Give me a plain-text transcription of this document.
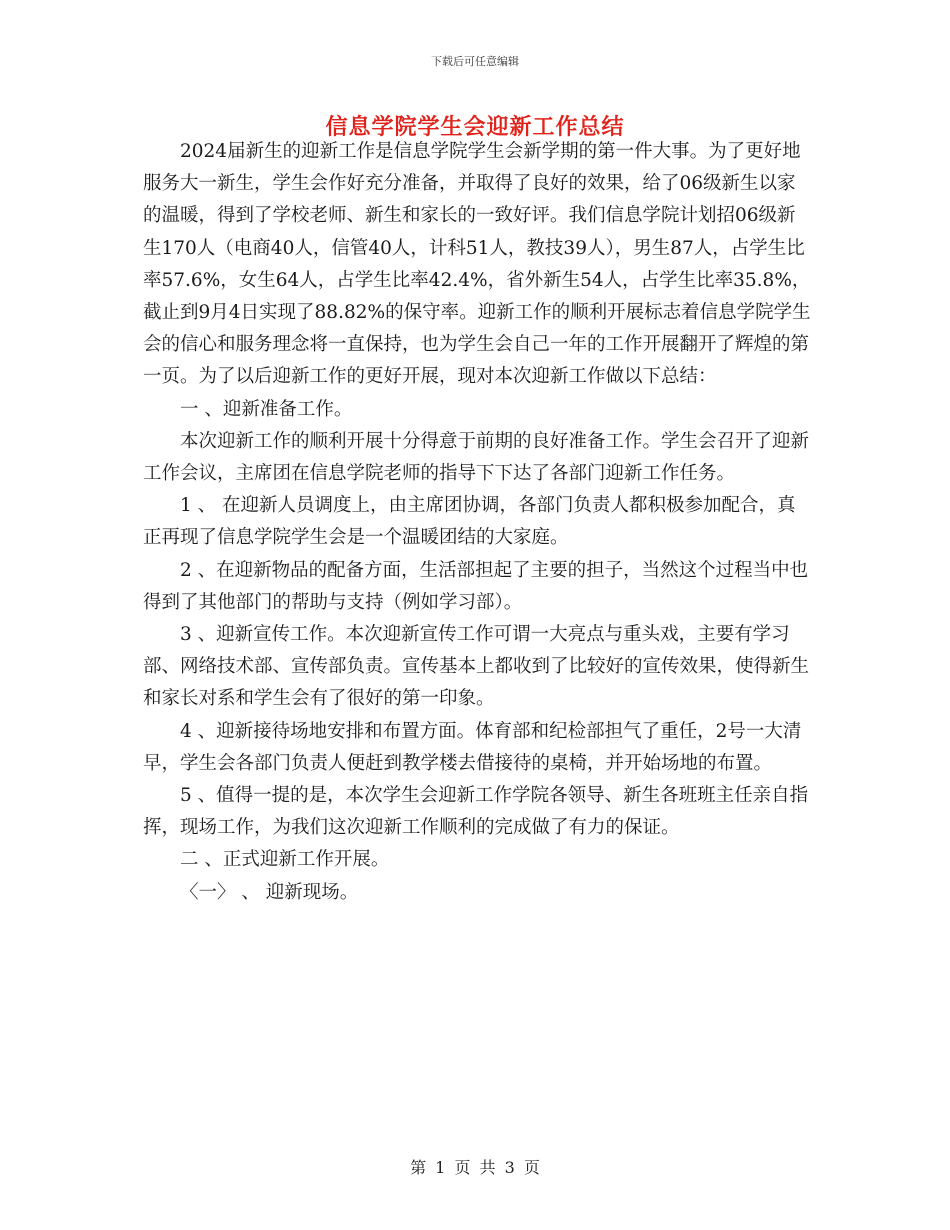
下载后可任意编辑
信息学院学生会迎新工作总结

2024届新生的迎新工作是信息学院学生会新学期的第一件大事。为了更好地服务大一新生，学生会作好充分准备，并取得了良好的效果，给了06级新生以家的温暖，得到了学校老师、新生和家长的一致好评。我们信息学院计划招06级新生170人（电商40人，信管40人，计科51人，教技39人），男生87人，占学生比率57.6%，女生64人，占学生比率42.4%，省外新生54人，占学生比率35.8%，截止到9月4日实现了88.82%的保守率。迎新工作的顺利开展标志着信息学院学生会的信心和服务理念将一直保持，也为学生会自己一年的工作开展翻开了辉煌的第一页。为了以后迎新工作的更好开展，现对本次迎新工作做以下总结：

一 、迎新准备工作。

本次迎新工作的顺利开展十分得意于前期的良好准备工作。学生会召开了迎新工作会议，主席团在信息学院老师的指导下下达了各部门迎新工作任务。

1 、 在迎新人员调度上，由主席团协调，各部门负责人都积极参加配合，真正再现了信息学院学生会是一个温暖团结的大家庭。

2 、在迎新物品的配备方面，生活部担起了主要的担子，当然这个过程当中也得到了其他部门的帮助与支持（例如学习部）。

3 、迎新宣传工作。本次迎新宣传工作可谓一大亮点与重头戏，主要有学习部、网络技术部、宣传部负责。宣传基本上都收到了比较好的宣传效果，使得新生和家长对系和学生会有了很好的第一印象。

4 、迎新接待场地安排和布置方面。体育部和纪检部担气了重任，2号一大清早，学生会各部门负责人便赶到教学楼去借接待的桌椅，并开始场地的布置。

5 、值得一提的是，本次学生会迎新工作学院各领导、新生各班班主任亲自指挥，现场工作，为我们这次迎新工作顺利的完成做了有力的保证。

二 、正式迎新工作开展。

〈一〉 、 迎新现场。

第 1 页 共 3 页
